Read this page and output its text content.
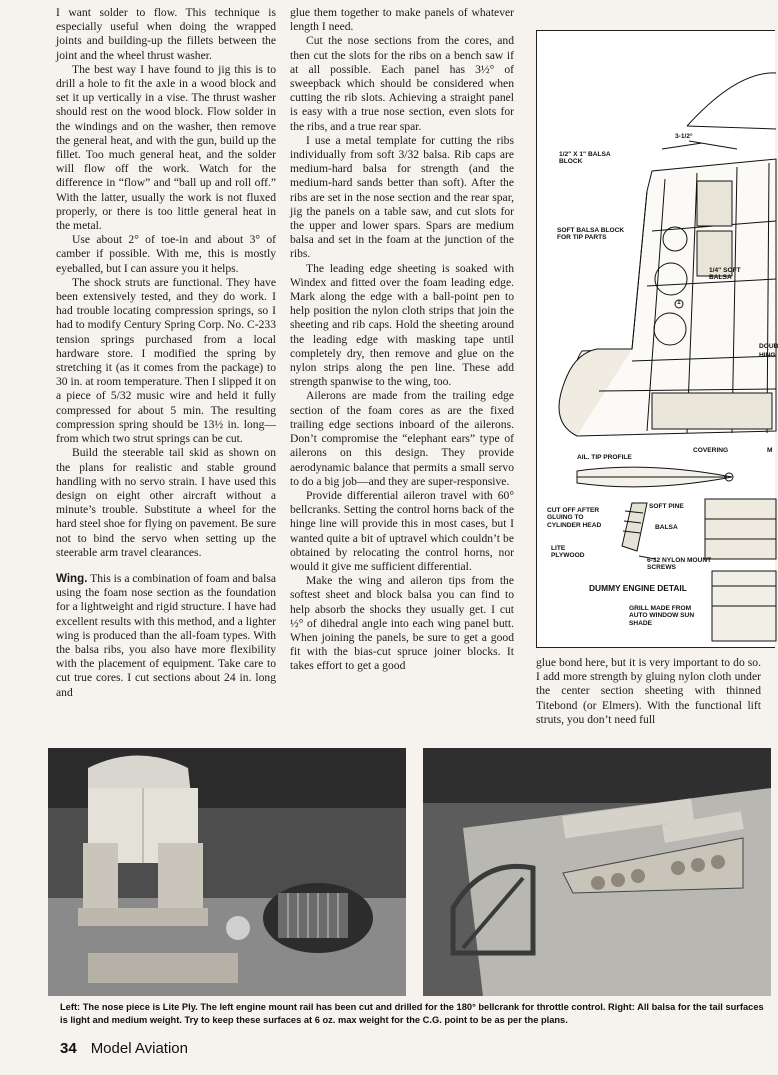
I want solder to flow. This technique is especially useful when doing the wrapped joints and building-up the fillets between the joint and the wheel thrust washer.

The best way I have found to jig this is to drill a hole to fit the axle in a wood block and set it up vertically in a vise. The thrust washer should rest on the wood block. Flow solder in the windings and on the washer, then remove the general heat, and with the gun, build up the fillet. Too much general heat, and the solder will flow off the work. Watch for the difference in “flow” and “ball up and roll off.” With the latter, usually the work is not fluxed properly, or there is too little general heat in the metal.

Use about 2° of toe-in and about 3° of camber if possible. With me, this is mostly eyeballed, but I can assure you it helps.

The shock struts are functional. They have been extensively tested, and they do work. I had trouble locating compression springs, so I had to modify Century Spring Corp. No. C-233 tension springs purchased from a local hardware store. I modified the spring by stretching it (as it comes from the package) to 30 in. at room temperature. Then I slipped it on a piece of 5/32 music wire and held it fully compressed for about 5 min. The resulting compression spring should be 13½ in. long—from which two strut springs can be cut.

Build the steerable tail skid as shown on the plans for realistic and stable ground handling with no servo strain. I have used this design on eight other aircraft without a minute’s trouble. Substitute a wheel for the hard steel shoe for flying on pavement. Be sure not to bind the servo when setting up the steerable arm travel clearances.

Wing. This is a combination of foam and balsa using the foam nose section as the foundation for a lightweight and rigid structure. I have had excellent results with this method, and a lighter wing is produced than the all-foam types. With the balsa ribs, you also have more flexibility with the placement of equipment. Take care to cut true cores. I cut sections about 24 in. long and

glue them together to make panels of whatever length I need.

Cut the nose sections from the cores, and then cut the slots for the ribs on a bench saw if at all possible. Each panel has 3½° of sweepback which should be considered when cutting the rib slots. Achieving a straight panel is easy with a true nose section, even slots for the ribs, and a true rear spar.

I use a metal template for cutting the ribs individually from soft 3/32 balsa. Rib caps are medium-hard balsa for strength (and the medium-hard sands better than soft). After the ribs are set in the nose section and the rear spar, jig the panels on a table saw, and cut slots for the upper and lower spars. Spars are medium balsa and set in the foam at the junction of the ribs.

The leading edge sheeting is soaked with Windex and fitted over the foam leading edge. Mark along the edge with a ball-point pen to help position the nylon cloth strips that join the sheeting and rib caps. Hold the sheeting around the leading edge with masking tape until completely dry, then remove and glue on the nylon strips along the pen line. These add strength spanwise to the wing, too.

Ailerons are made from the trailing edge section of the foam cores as are the fixed trailing edge sections inboard of the ailerons. Don’t compromise the “elephant ears” type of ailerons on this design. They provide aerodynamic balance that permits a small servo to do a big job—and they are super-responsive.

Provide differential aileron travel with 60° bellcranks. Setting the control horns back of the hinge line will provide this in most cases, but I wanted quite a bit of uptravel which couldn’t be obtained by relocating the control horns, nor would it give me sufficient differential.

Make the wing and aileron tips from the softest sheet and block balsa you can find to help absorb the shocks they usually get. I cut ½° of dihedral angle into each wing panel butt. When joining the panels, be sure to get a good fit with the bias-cut spruce joiner blocks. It takes effort to get a good

3-1/2°
1/2" X 1" BALSA BLOCK
SOFT BALSA BLOCK FOR TIP PARTS
1/4" SOFT BALSA
1
DOUB
HING
AIL. TIP PROFILE
COVERING	M
SOFT PINE
CUT OFF AFTER GLUING TO CYLINDER HEAD	BALSA
LITE PLYWOOD
6-32 NYLON MOUNT SCREWS
DUMMY ENGINE DETAIL
GRILL MADE FROM AUTO WINDOW SUN SHADE

glue bond here, but it is very important to do so. I add more strength by gluing nylon cloth under the center section sheeting with thinned Titebond (or Elmers). With the functional lift struts, you don’t need full

Left: The nose piece is Lite Ply. The left engine mount rail has been cut and drilled for the 180° bellcrank for throttle control. Right: All balsa for the tail surfaces is light and medium weight. Try to keep these surfaces at 6 oz. max weight for the C.G. point to be as per the plans.
34 Model Aviation
